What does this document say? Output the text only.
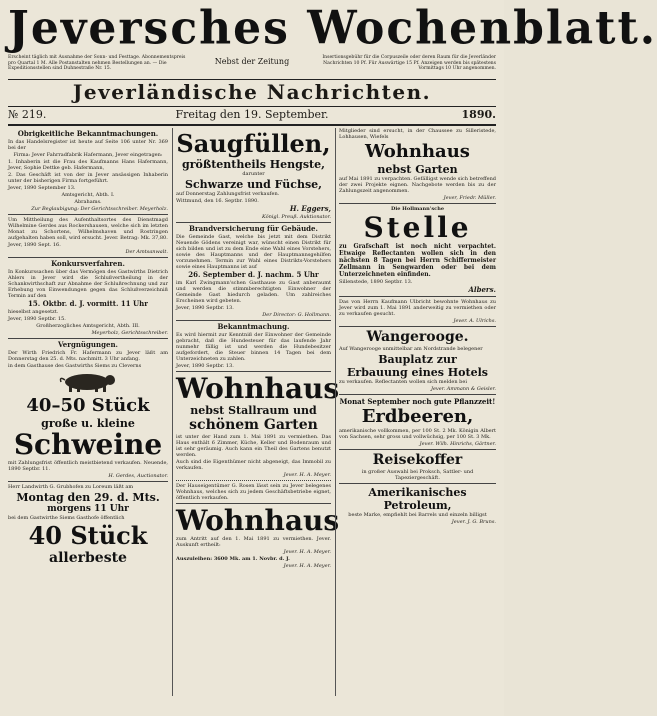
Jeversches Wochenblatt.
Erscheint täglich mit Ausnahme der Sonn- und Festtage. Abonnementspreis pro Quartal 1 M. Alle Postanstalten nehmen Bestellungen an. — Die Expeditionsstellen sind Duhnestraße Nr. 15.
Nebst der Zeitung	Insertionsgebühr für die Corpuszeile oder deren Raum für die Jeverländer Nachrichten 10 Pf. Für Auswärtige 15 Pf. Anzeigen werden bis spätestens Vormittags 10 Uhr angenommen.
Jeverländische Nachrichten.
№ 219.	Freitag den 19. September.	1890.
Obrigkeitliche Bekanntmachungen.
In das Handelsregister ist heute auf Seite 106 unter Nr. 369 bei der
Firma: Jever Fahrradfabrik Hafermann, Jever eingetragen:
1. Inhaberin ist die Frau des Kaufmanns Hans Hafermann, Jever, Sophie Dettke geb. Hafermann,
2. Das Geschäft ist von der in Jever ansässigen Inhaberin unter der bisherigen Firma fortgeführt.
Jever, 1890 September 13.
Amtsgericht, Abth. I.
Abrahams.
Zur Beglaubigung: Der Gerichtsschreiber. Meyerholz.
Um Mittheilung des Aufenthaltsortes des Dienstmagd Wilhelmine Gerdes aus Rockershausen, welche sich im letzten Monat zu Schortens, Wilhelmshaven und Rostringen aufgehalten haben soll, wird ersucht. Jever. Betrag: Mk. 37,80.
Jever, 1890 Sept. 16.
Der Amtsanwalt.
Konkursverfahren.
In Konkurssachen über das Vermögen des Gastwirths Dietrich Ahlers in Jever wird die Schlußvertheilung in der Schankwirthschaft zur Abnahme der Schlußrechnung und zur Erhebung von Einwendungen gegen das Schlußverzeichniß Termin auf den
15. Oktbr. d. J. vormitt. 11 Uhr
hieselbst angesetzt.
Jever, 1890 Septbr. 15.
Großherzogliches Amtsgericht, Abth. III.
Meyerholz, Gerichtsschreiber.
Vergnügungen.
Der Wirth Friedrich Fr. Hafermann zu Jever läßt am Donnerstag den 25. d. Mts. nachmitt. 3 Uhr anfang.
in dem Gasthause des Gastwirths Siems zu Cleverns
40–50 Stück
große u. kleine
Schweine
mit Zahlungsfrist öffentlich meistbietend verkaufen. Neuende, 1890 Septbr. 11.
H. Gerdes, Auctionator.
Herr Landwirth G. Grubhofen zu Loreum läßt am
Montag den 29. d. Mts.
morgens 11 Uhr
bei dem Gastwirthe Siems Gasthofe öffentlich
40 Stück
allerbeste
Saugfüllen,
größtentheils Hengste,
darunter
Schwarze und Füchse,
auf Donnerstag Zahlungsfrist verkaufen.
Wittmund, den 16. Septbr. 1890.
H. Eggers,
Königl. Preuß. Auktionator.
Brandversicherung für Gebäude.
Die Gemeinde Gast, welche bis jetzt mit dem Distrikt Neuende Gödens vereinigt war, wünscht einen Distrikt für sich bilden und ist zu dem Ende eine Wahl eines Vorstehers, sowie des Hauptmanns und der Hauptmannsgehilfen vorzunehmen. Termin zur Wahl eines Distrikts-Vorstehers sowie eines Hauptmanns ist auf
26. September d. J. nachm. 5 Uhr
im Karl Zwingmann'schen Gasthause zu Gast anberaumt und werden die stimmberechtigten Einwohner der Gemeinde Gast hiedurch geladen. Um zahlreiches Erscheinen wird gebeten.
Jever, 1890 Septbr. 13.
Der Director: G. Hollmann.
Bekanntmachung.
Es wird hiermit zur Kenntniß der Einwohner der Gemeinde gebracht, daß die Hundesteuer für das laufende Jahr nunmehr fällig ist und werden die Hundebesitzer aufgefordert, die Steuer binnen 14 Tagen bei dem Unterzeichneten zu zahlen.
Jever, 1890 Septbr. 13.
Wohnhaus
nebst Stallraum und
schönem Garten
ist unter der Hand zum 1. Mai 1891 zu vermiethen. Das Haus enthält 6 Zimmer, Küche, Keller und Bodenraum und ist sehr geräumig. Auch kann ein Theil des Gartens benutzt werden.
Auch sind die Eigenthümer nicht abgeneigt, das Immobil zu verkaufen.
Jever. H. A. Meyer.
Der Hauseigentümer G. Rosen lässt sein zu Jever belegenes Wohnhaus, welches sich zu jedem Geschäftsbetriebe eignet, öffentlich verkaufen.
Wohnhaus
zum Antritt auf den 1. Mai 1891 zu vermiethen. Jever. Auskunft ertheilt:
Jever. H. A. Meyer.
Auszuleihen: 3600 Mk. am 1. Novbr. d. J.
Jever. H. A. Meyer.
Mitglieder sind ersucht, in der Chaussee zu Silleristede, Lohhausen, Wiefels
Wohnhaus
nebst Garten
auf Mai 1891 zu verpachten. Gefälligst wende sich betreffend der zwei Projekte eignen. Nachgebote werden bis zu der Zahlungszeit angenommen.
Jever, Friedr. Müller.
Die Hollmann'sche
Stelle
zu Grafschaft ist noch nicht verpachtet. Etwaige Reflectanten wollen sich in den nächsten 8 Tagen bei Herrn Schiffermeister Zellmann in Sengwarden oder bei dem Unterzeichneten einfinden.
Sillenstede, 1890 Septbr. 13.
Albers.
Das von Herrn Kaufmann Ulbricht bewohnte Wohnhaus zu Jever wird zum 1. Mai 1891 anderweitig zu vermiethen oder zu verkaufen gesucht.
Jever. A. Ulrichs.
Wangerooge.
Auf Wangerooge unmittelbar am Nordstrande belegener
Bauplatz zur
Erbauung eines Hotels
zu verkaufen. Reflectanten wollen sich melden bei
Jever. Ammann & Geisler.
Monat September noch gute Pflanzzeit!
Erdbeeren,
amerikanische vollkommen, per 100 St. 2 Mk. Königin Albert von Sachsen, sehr gross und vollwüchsig, per 100 St. 3 Mk.
Jever. Wilh. Hinrichs, Gärtner.
Reisekoffer
in großer Auswahl bei Proksch, Sattler- und Tapeziergeschäft.
Amerikanisches Petroleum,
beste Marke, empfiehlt bei Barrels und einzeln billigst
Jever. J. G. Bruns.
